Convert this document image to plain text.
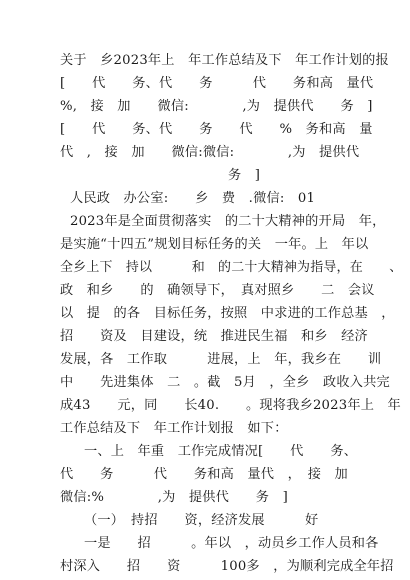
关于　乡2023年上　年工作总结及下　年工作计划的报
[　　代　　务、代　　务　　　代　　务和高　量代
%,　接　加　　微信:　　　　,为　提供代　　务　]
[　　代　　务、代　　务　　代　　%　务和高　量
代　,　接　加　　微信:微信:　　　　,为　提供代
务　]
人民政　办公室:　　乡　费　.微信:　01
2023年是全面贯彻落实　的二十大精神的开局　年，
是实施“十四五”规划目标任务的关　一年。上　年以
全乡上下　持以　　　和　的二十大精神为指导，在　　、
政　和乡　　的　确领导下，　真对照乡　　二　会议
以　提　的各　目标任务，按照　中求进的工作总基　，
招　　资及　目建设，统　推进民生福　和乡　经济
发展，各　工作取　　　进展，上　年，我乡在　　训
中　　先进集体　二　。截　5月　，全乡　政收入共完
成43　　元，同　　长40.　　。现将我乡2023年上　年
工作总结及下　年工作计划报　如下：
一、上　年重　工作完成情况[　　代　　务、
代　　务　　　代　　务和高　量代　，　接　加
微信:%　　　　,为　提供代　　务　]
（一）　持招　　资，经济发展　　　好
一是　　招　　　。年以　，动员乡工作人员和各
村深入　　招　　资　　　100多　，为顺利完成全年招
